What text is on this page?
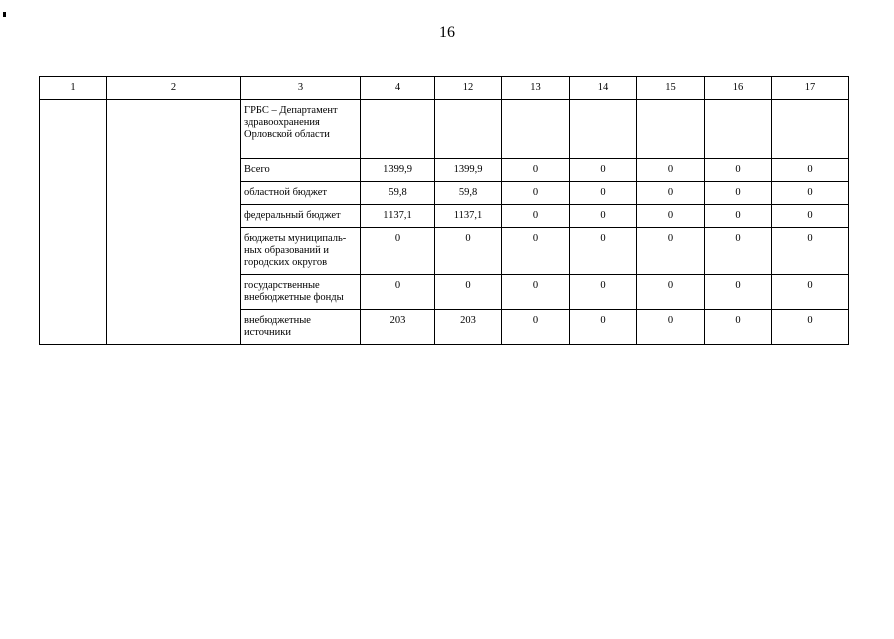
16
1	2	3	4	12	13	14	15	16	17
		ГРБС – Департамент здравоохранения Орловской области							
		Всего	1399,9	1399,9	0	0	0	0	0
		областной бюджет	59,8	59,8	0	0	0	0	0
		федеральный бюджет	1137,1	1137,1	0	0	0	0	0
		бюджеты муниципаль-ных образований и городских округов	0	0	0	0	0	0	0
		государственные внебюджетные фонды	0	0	0	0	0	0	0
		внебюджетные источники	203	203	0	0	0	0	0
